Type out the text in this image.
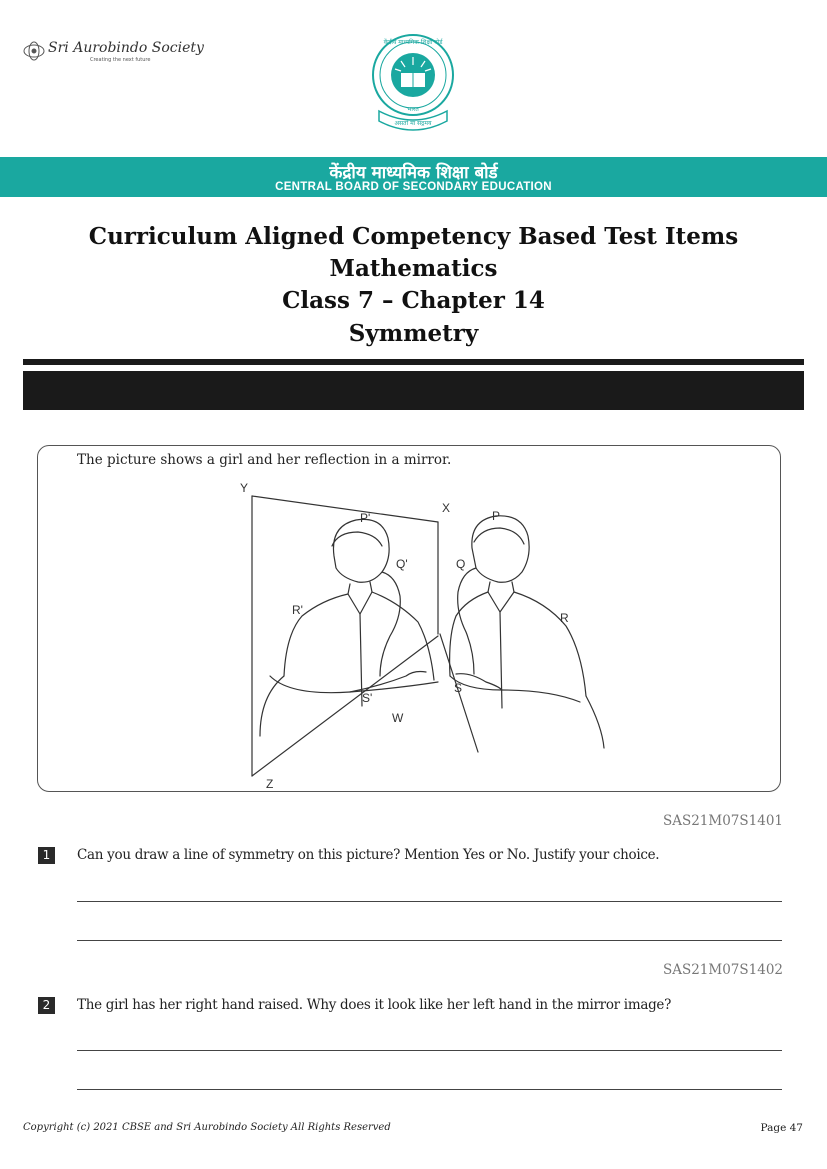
Sri Aurobindo Society
Creating the next future
भारत
असतो मा सद्गमय
केंद्रीय माध्यमिक शिक्षा बोर्ड
केंद्रीय माध्यमिक शिक्षा बोर्ड
CENTRAL BOARD OF SECONDARY EDUCATION
Curriculum Aligned Competency Based Test Items
Mathematics
Class 7 – Chapter 14
Symmetry
The picture shows a girl and her reflection in a mirror.
Y
X
Z
W
P'
Q'
R'
S'
P
Q
R
S
SAS21M07S1401
1	Can you draw a line of symmetry on this picture? Mention Yes or No. Justify your choice.
SAS21M07S1402
2	The girl has her right hand raised. Why does it look like her left hand in the mirror image?
Copyright (c) 2021 CBSE and Sri Aurobindo Society All Rights Reserved	Page 47
